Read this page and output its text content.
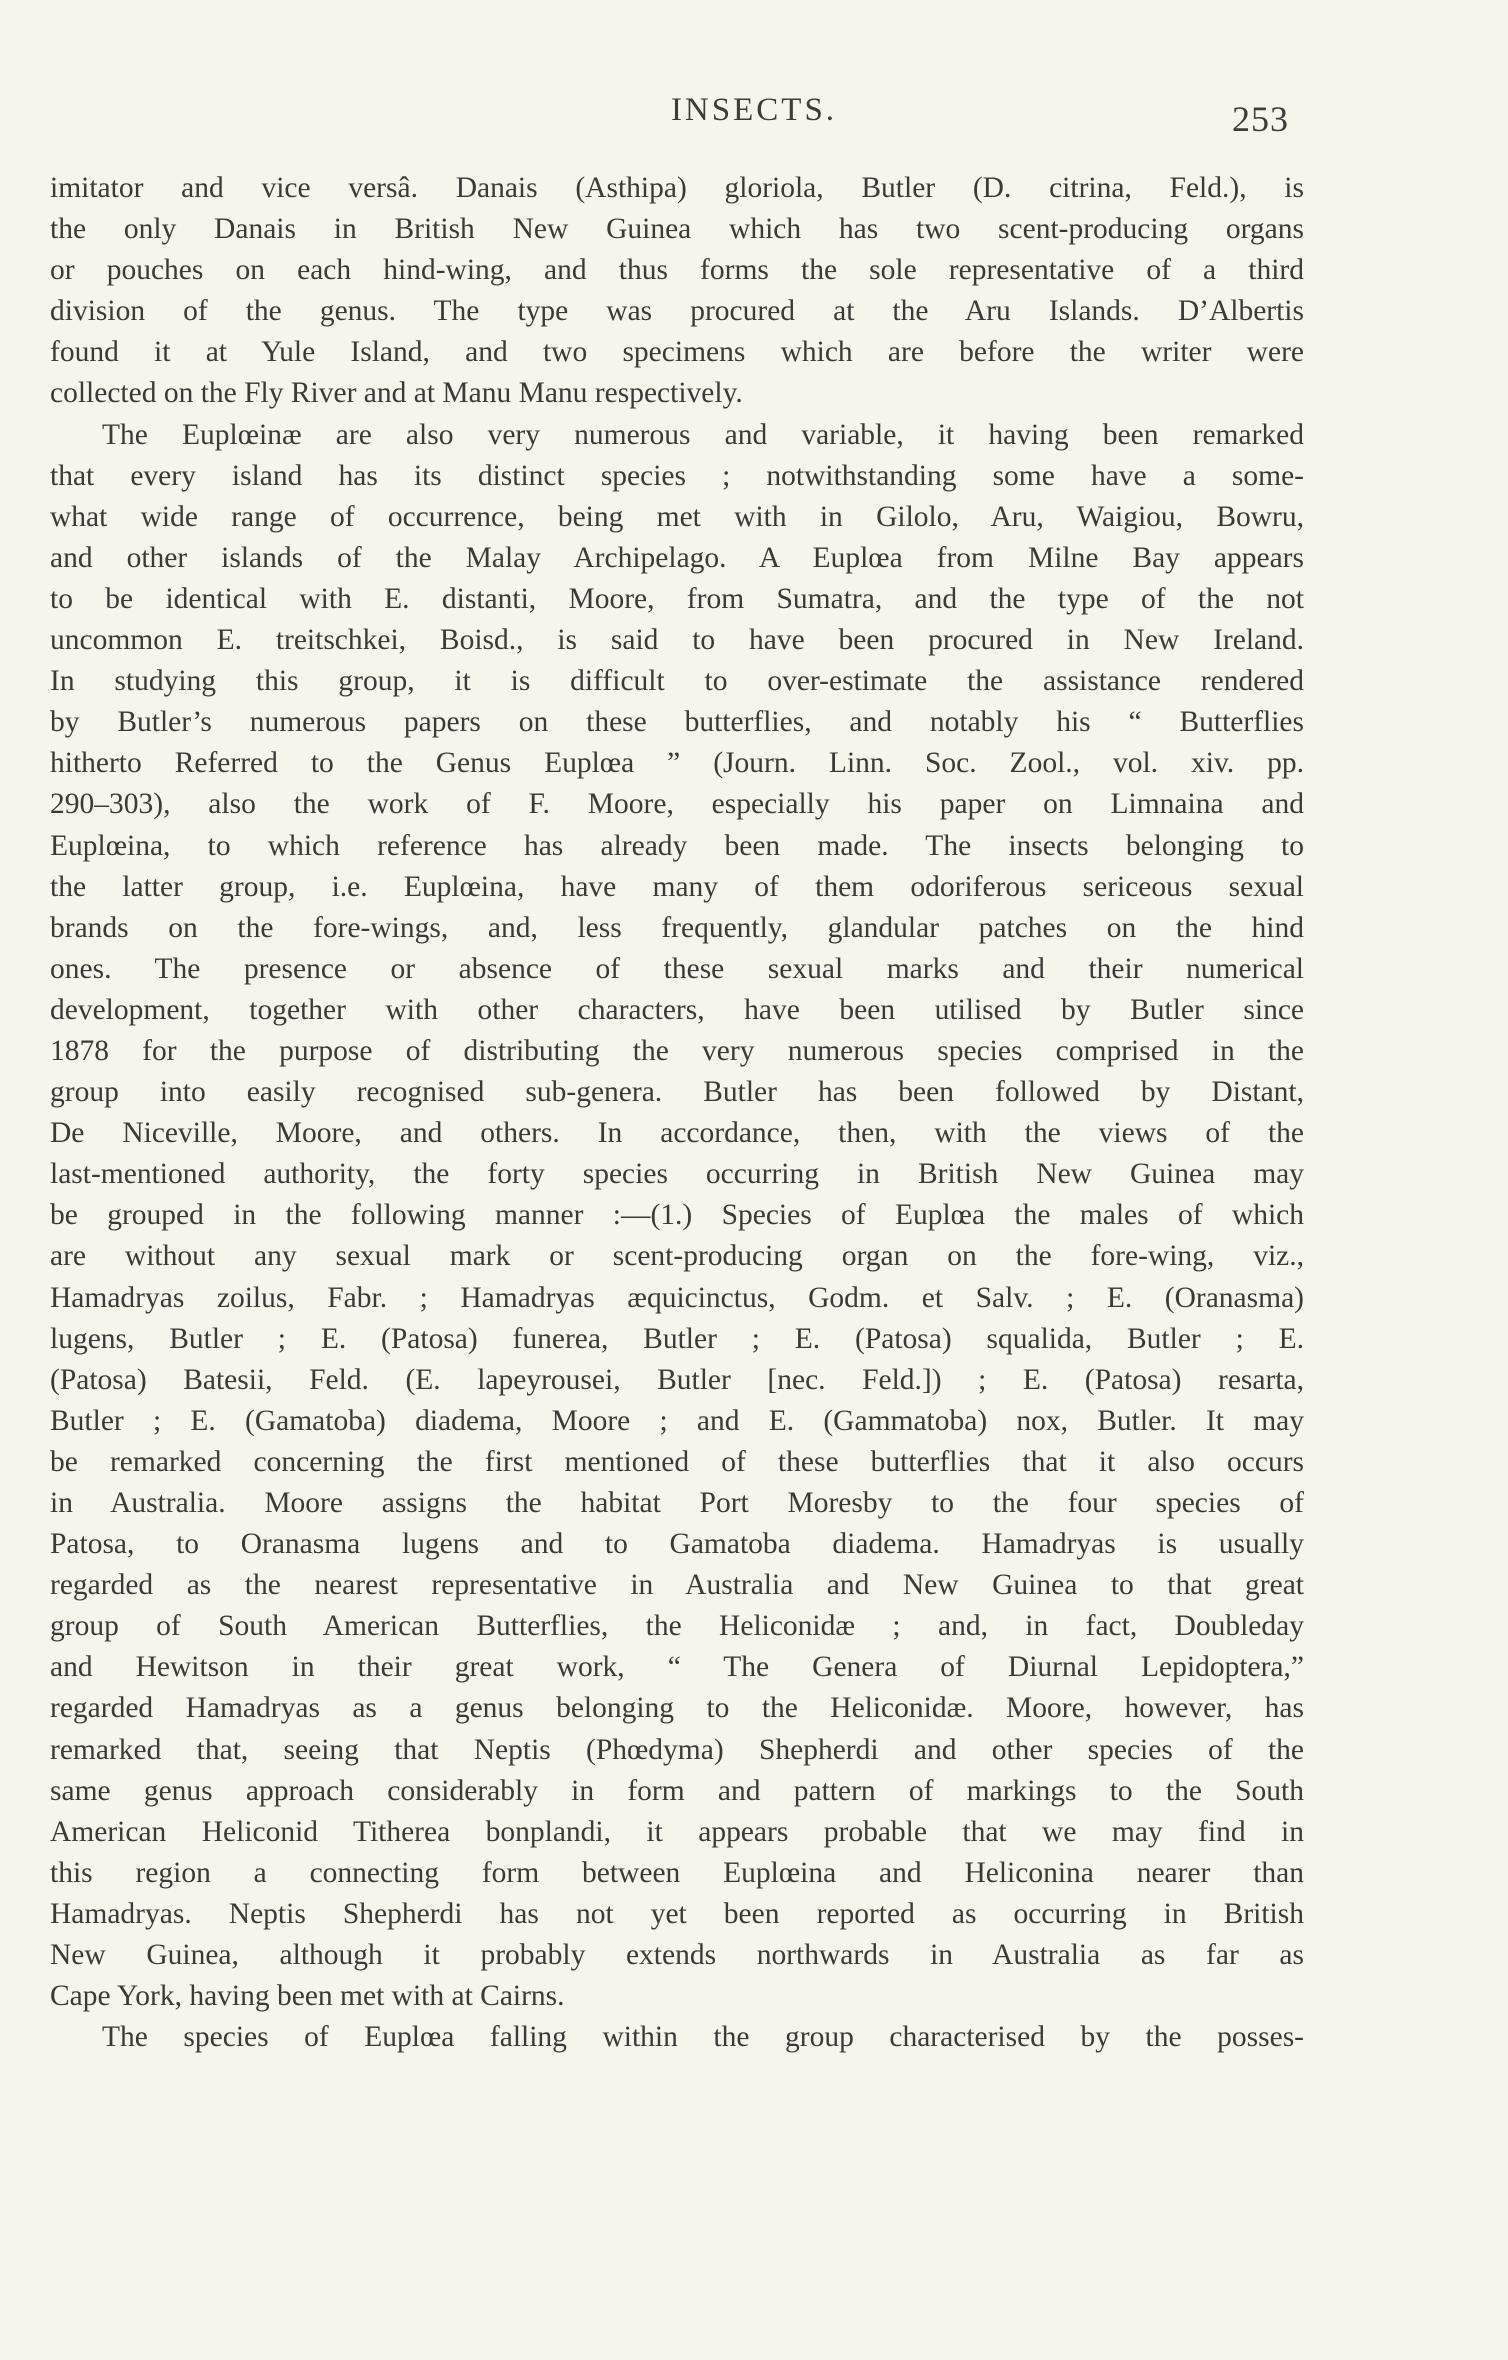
INSECTS.	253
imitator and vice versâ. Danais (Asthipa) gloriola, Butler (D. citrina, Feld.), is
the only Danais in British New Guinea which has two scent-producing organs
or pouches on each hind-wing, and thus forms the sole representative of a third
division of the genus. The type was procured at the Aru Islands. D’Albertis
found it at Yule Island, and two specimens which are before the writer were
collected on the Fly River and at Manu Manu respectively.
The Euplœinæ are also very numerous and variable, it having been remarked
that every island has its distinct species ; notwithstanding some have a some-
what wide range of occurrence, being met with in Gilolo, Aru, Waigiou, Bowru,
and other islands of the Malay Archipelago. A Euplœa from Milne Bay appears
to be identical with E. distanti, Moore, from Sumatra, and the type of the not
uncommon E. treitschkei, Boisd., is said to have been procured in New Ireland.
In studying this group, it is difficult to over-estimate the assistance rendered
by Butler’s numerous papers on these butterflies, and notably his “ Butterflies
hitherto Referred to the Genus Euplœa ” (Journ. Linn. Soc. Zool., vol. xiv. pp.
290–303), also the work of F. Moore, especially his paper on Limnaina and
Euplœina, to which reference has already been made. The insects belonging to
the latter group, i.e. Euplœina, have many of them odoriferous sericeous sexual
brands on the fore-wings, and, less frequently, glandular patches on the hind
ones. The presence or absence of these sexual marks and their numerical
development, together with other characters, have been utilised by Butler since
1878 for the purpose of distributing the very numerous species comprised in the
group into easily recognised sub-genera. Butler has been followed by Distant,
De Niceville, Moore, and others. In accordance, then, with the views of the
last-mentioned authority, the forty species occurring in British New Guinea may
be grouped in the following manner :—(1.) Species of Euplœa the males of which
are without any sexual mark or scent-producing organ on the fore-wing, viz.,
Hamadryas zoilus, Fabr. ; Hamadryas æquicinctus, Godm. et Salv. ; E. (Oranasma)
lugens, Butler ; E. (Patosa) funerea, Butler ; E. (Patosa) squalida, Butler ; E.
(Patosa) Batesii, Feld. (E. lapeyrousei, Butler [nec. Feld.]) ; E. (Patosa) resarta,
Butler ; E. (Gamatoba) diadema, Moore ; and E. (Gammatoba) nox, Butler. It may
be remarked concerning the first mentioned of these butterflies that it also occurs
in Australia. Moore assigns the habitat Port Moresby to the four species of
Patosa, to Oranasma lugens and to Gamatoba diadema. Hamadryas is usually
regarded as the nearest representative in Australia and New Guinea to that great
group of South American Butterflies, the Heliconidæ ; and, in fact, Doubleday
and Hewitson in their great work, “ The Genera of Diurnal Lepidoptera,”
regarded Hamadryas as a genus belonging to the Heliconidæ. Moore, however, has
remarked that, seeing that Neptis (Phœdyma) Shepherdi and other species of the
same genus approach considerably in form and pattern of markings to the South
American Heliconid Titherea bonplandi, it appears probable that we may find in
this region a connecting form between Euplœina and Heliconina nearer than
Hamadryas. Neptis Shepherdi has not yet been reported as occurring in British
New Guinea, although it probably extends northwards in Australia as far as
Cape York, having been met with at Cairns.
The species of Euplœa falling within the group characterised by the posses-
